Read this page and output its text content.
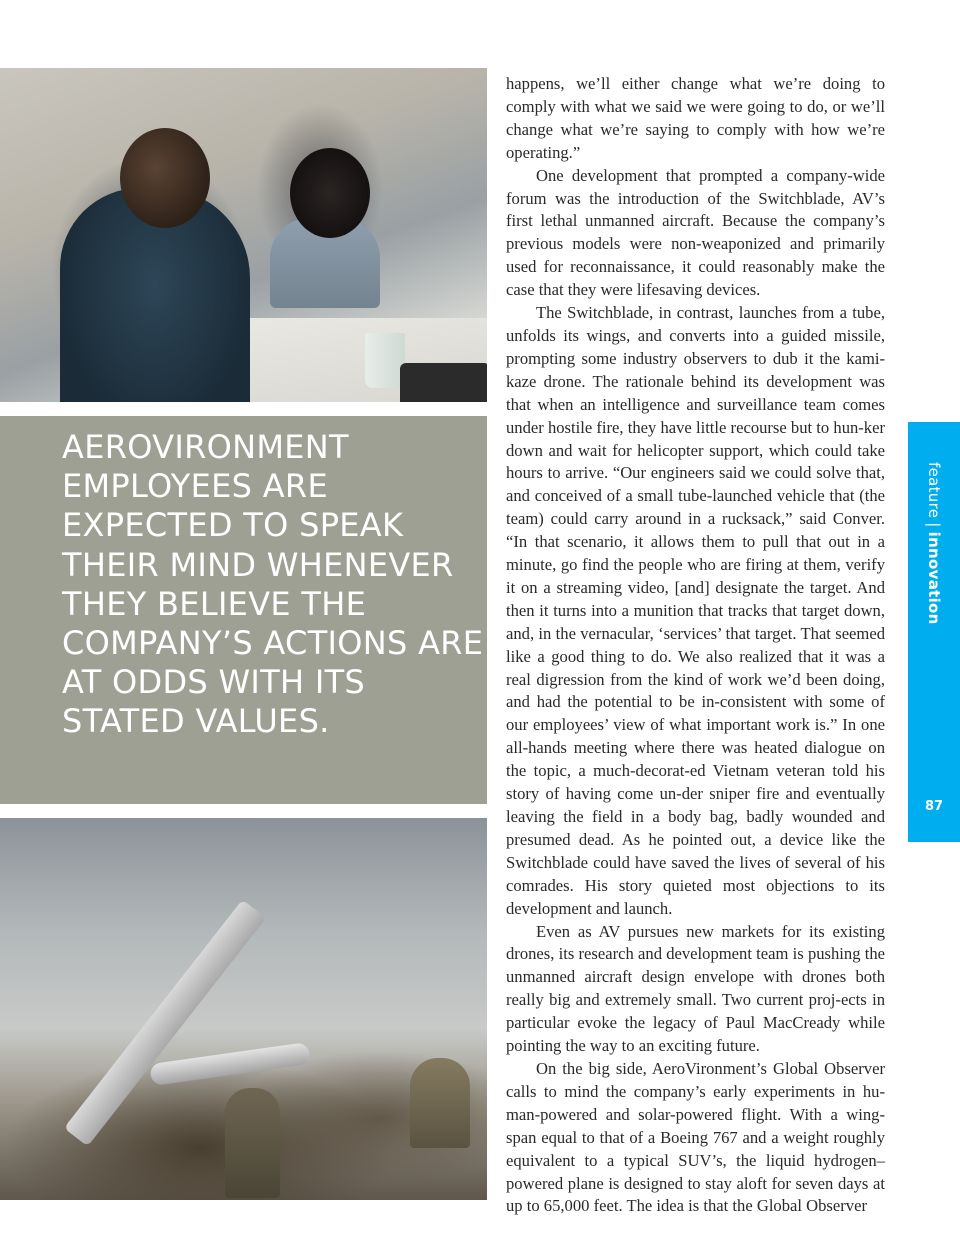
AEROVIRONMENT EMPLOYEES ARE EXPECTED TO SPEAK THEIR MIND WHENEVER THEY BELIEVE THE COMPANY’S ACTIONS ARE AT ODDS WITH ITS STATED VALUES.

happens, we’ll either change what we’re doing to comply with what we said we were going to do, or we’ll change what we’re saying to comply with how we’re operating.”

One development that prompted a company-wide forum was the introduction of the Switchblade, AV’s first lethal unmanned aircraft. Because the company’s previous models were non-weaponized and primarily used for reconnaissance, it could reasonably make the case that they were lifesaving devices.

The Switchblade, in contrast, launches from a tube, unfolds its wings, and converts into a guided missile, prompting some industry observers to dub it the kami-kaze drone. The rationale behind its development was that when an intelligence and surveillance team comes under hostile fire, they have little recourse but to hun-ker down and wait for helicopter support, which could take hours to arrive. “Our engineers said we could solve that, and conceived of a small tube-launched vehicle that (the team) could carry around in a rucksack,” said Conver. “In that scenario, it allows them to pull that out in a minute, go find the people who are firing at them, verify it on a streaming video, [and] designate the target. And then it turns into a munition that tracks that target down, and, in the vernacular, ‘services’ that target. That seemed like a good thing to do. We also realized that it was a real digression from the kind of work we’d been doing, and had the potential to be in-consistent with some of our employees’ view of what important work is.” In one all-hands meeting where there was heated dialogue on the topic, a much-decorat-ed Vietnam veteran told his story of having come un-der sniper fire and eventually leaving the field in a body bag, badly wounded and presumed dead. As he pointed out, a device like the Switchblade could have saved the lives of several of his comrades. His story quieted most objections to its development and launch.

Even as AV pursues new markets for its existing drones, its research and development team is pushing the unmanned aircraft design envelope with drones both really big and extremely small. Two current proj-ects in particular evoke the legacy of Paul MacCready while pointing the way to an exciting future.

On the big side, AeroVironment’s Global Observer calls to mind the company’s early experiments in hu-man-powered and solar-powered flight. With a wing-span equal to that of a Boeing 767 and a weight roughly equivalent to a typical SUV’s, the liquid hydrogen–powered plane is designed to stay aloft for seven days at up to 65,000 feet. The idea is that the Global Observer

feature|innovation
87
